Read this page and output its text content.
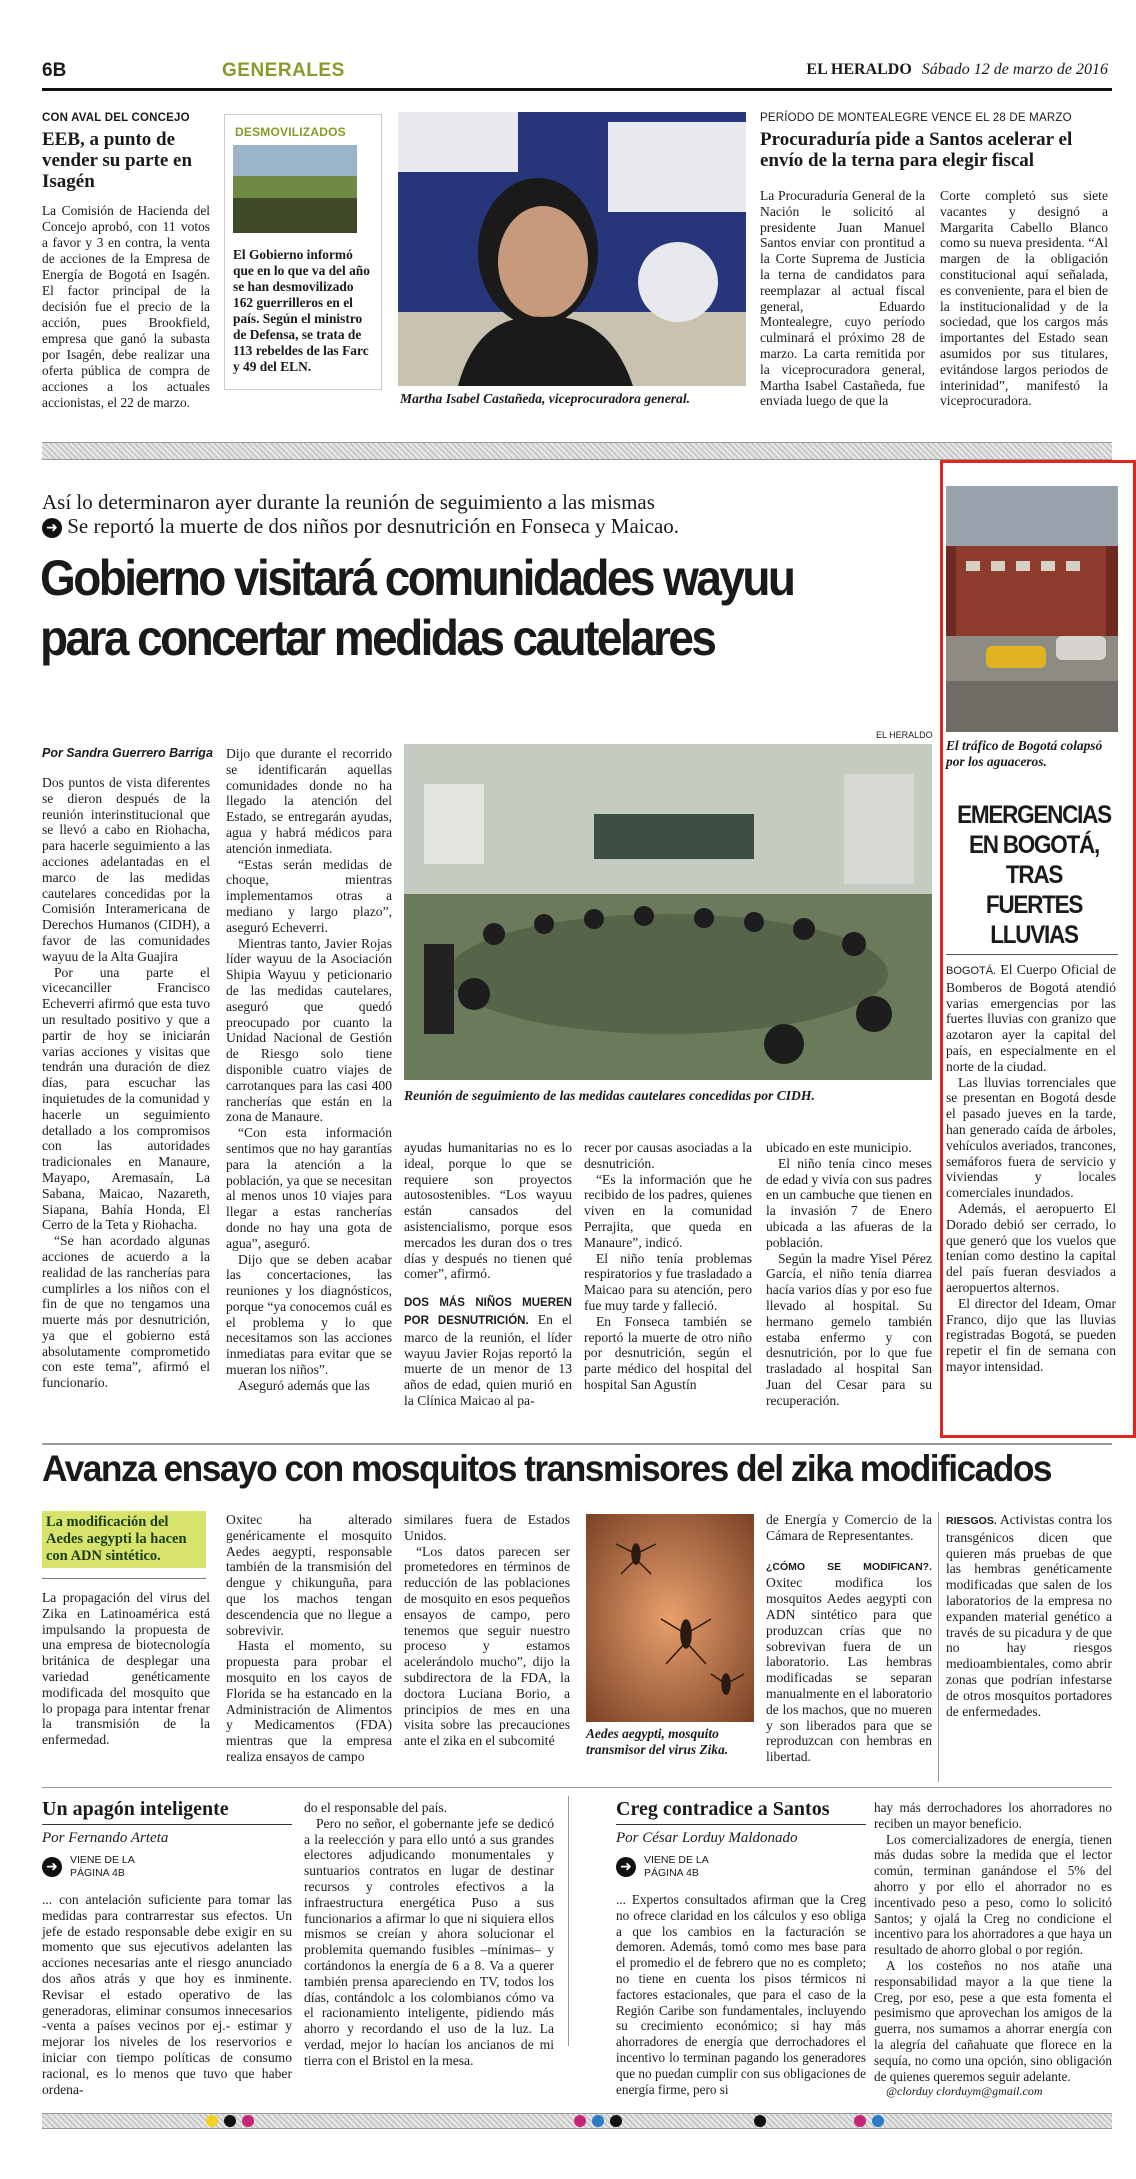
6B	GENERALES	EL HERALDO Sábado 12 de marzo de 2016
CON AVAL DEL CONCEJO
EEB, a punto de vender su parte en Isagén

La Comisión de Hacienda del Concejo aprobó, con 11 votos a favor y 3 en contra, la venta de acciones de la Empresa de Energía de Bogotá en Isagén. El factor principal de la decisión fue el precio de la acción, pues Brookfield, empresa que ganó la subasta por Isagén, debe realizar una oferta pública de compra de acciones a los actuales accionistas, el 22 de marzo.

DESMOVILIZADOS
El Gobierno informó que en lo que va del año se han desmovilizado 162 guerrilleros en el país. Según el ministro de Defensa, se trata de 113 rebeldes de las Farc y 49 del ELN.
Martha Isabel Castañeda, viceprocuradora general.
PERÍODO DE MONTEALEGRE VENCE EL 28 DE MARZO
Procuraduría pide a Santos acelerar el envío de la terna para elegir fiscal

La Procuraduría General de la Nación le solicitó al presidente Juan Manuel Santos enviar con prontitud a la Corte Suprema de Justicia la terna de candidatos para reemplazar al actual fiscal general, Eduardo Montealegre, cuyo período culminará el próximo 28 de marzo. La carta remitida por la viceprocuradora general, Martha Isabel Castañeda, fue enviada luego de que la

Corte completó sus siete vacantes y designó a Margarita Cabello Blanco como su nueva presidenta. “Al margen de la obligación constitucional aquí señalada, es conveniente, para el bien de la institucionalidad y de la sociedad, que los cargos más importantes del Estado sean asumidos por sus titulares, evitándose largos periodos de interinidad”, manifestó la viceprocuradora.

Así lo determinaron ayer durante la reunión de seguimiento a las mismas
➜ Se reportó la muerte de dos niños por desnutrición en Fonseca y Maicao.
Gobierno visitará comunidades wayuu
para concertar medidas cautelares
Por Sandra Guerrero Barriga

Dos puntos de vista diferentes se dieron después de la reunión interinstitucional que se llevó a cabo en Riohacha, para hacerle seguimiento a las acciones adelantadas en el marco de las medidas cautelares concedidas por la Comisión Interamericana de Derechos Humanos (CIDH), a favor de las comunidades wayuu de la Alta Guajira

Por una parte el vicecanciller Francisco Echeverri afirmó que esta tuvo un resultado positivo y que a partir de hoy se iniciarán varias acciones y visitas que tendrán una duración de diez días, para escuchar las inquietudes de la comunidad y hacerle un seguimiento detallado a los compromisos con las autoridades tradicionales en Manaure, Mayapo, Aremasaín, La Sabana, Maicao, Nazareth, Siapana, Bahía Honda, El Cerro de la Teta y Riohacha.

“Se han acordado algunas acciones de acuerdo a la realidad de las rancherías para cumplirles a los niños con el fin de que no tengamos una muerte más por desnutrición, ya que el gobierno está absolutamente comprometido con este tema”, afirmó el funcionario.

Dijo que durante el recorrido se identificarán aquellas comunidades donde no ha llegado la atención del Estado, se entregarán ayudas, agua y habrá médicos para atención inmediata.

“Estas serán medidas de choque, mientras implementamos otras a mediano y largo plazo”, aseguró Echeverri.

Mientras tanto, Javier Rojas líder wayuu de la Asociación Shipia Wayuu y peticionario de las medidas cautelares, aseguró que quedó preocupado por cuanto la Unidad Nacional de Gestión de Riesgo solo tiene disponible cuatro viajes de carrotanques para las casi 400 rancherías que están en la zona de Manaure.

“Con esta información sentimos que no hay garantías para la atención a la población, ya que se necesitan al menos unos 10 viajes para llegar a estas rancherías donde no hay una gota de agua”, aseguró.

Dijo que se deben acabar las concertaciones, las reuniones y los diagnósticos, porque “ya conocemos cuál es el problema y lo que necesitamos son las acciones inmediatas para evitar que se mueran los niños”.

Aseguró además que las

EL HERALDO
Reunión de seguimiento de las medidas cautelares concedidas por CIDH.

ayudas humanitarias no es lo ideal, porque lo que se requiere son proyectos autosostenibles. “Los wayuu están cansados del asistencialismo, porque esos mercados les duran dos o tres días y después no tienen qué comer”, afirmó.

DOS MÁS NIÑOS MUEREN POR DESNUTRICIÓN. En el marco de la reunión, el líder wayuu Javier Rojas reportó la muerte de un menor de 13 años de edad, quien murió en la Clínica Maicao al pa-

recer por causas asociadas a la desnutrición.

“Es la información que he recibido de los padres, quienes viven en la comunidad Perrajita, que queda en Manaure”, indicó.

El niño tenía problemas respiratorios y fue trasladado a Maicao para su atención, pero fue muy tarde y falleció.

En Fonseca también se reportó la muerte de otro niño por desnutrición, según el parte médico del hospital del hospital San Agustín

ubicado en este municipio.

El niño tenía cinco meses de edad y vivía con sus padres en un cambuche que tienen en la invasión 7 de Enero ubicada a las afueras de la población.

Según la madre Yisel Pérez García, el niño tenía diarrea hacía varios días y por eso fue llevado al hospital. Su hermano gemelo también estaba enfermo y con desnutrición, por lo que fue trasladado al hospital San Juan del Cesar para su recuperación.

El tráfico de Bogotá colapsó por los aguaceros.
EMERGENCIAS EN BOGOTÁ, TRAS FUERTES LLUVIAS

BOGOTÁ. El Cuerpo Oficial de Bomberos de Bogotá atendió varias emergencias por las fuertes lluvias con granizo que azotaron ayer la capital del país, en especialmente en el norte de la ciudad.

Las lluvias torrenciales que se presentan en Bogotá desde el pasado jueves en la tarde, han generado caída de árboles, vehículos averiados, trancones, semáforos fuera de servicio y viviendas y locales comerciales inundados.

Además, el aeropuerto El Dorado debió ser cerrado, lo que generó que los vuelos que tenían como destino la capital del país fueran desviados a aeropuertos alternos.

El director del Ideam, Omar Franco, dijo que las lluvias registradas Bogotá, se pueden repetir el fin de semana con mayor intensidad.

Avanza ensayo con mosquitos transmisores del zika modificados
La modificación del Aedes aegypti la hacen con ADN sintético.

La propagación del virus del Zika en Latinoamérica está impulsando la propuesta de una empresa de biotecnología británica de desplegar una variedad genéticamente modificada del mosquito que lo propaga para intentar frenar la transmisión de la enfermedad.

Oxitec ha alterado genéricamente el mosquito Aedes aegypti, responsable también de la transmisión del dengue y chikunguña, para que los machos tengan descendencia que no llegue a sobrevivir.

Hasta el momento, su propuesta para probar el mosquito en los cayos de Florida se ha estancado en la Administración de Alimentos y Medicamentos (FDA) mientras que la empresa realiza ensayos de campo

similares fuera de Estados Unidos.

“Los datos parecen ser prometedores en términos de reducción de las poblaciones de mosquito en esos pequeños ensayos de campo, pero tenemos que seguir nuestro proceso y estamos acelerándolo mucho”, dijo la subdirectora de la FDA, la doctora Luciana Borio, a principios de mes en una visita sobre las precauciones ante el zika en el subcomité	Aedes aegypti, mosquito transmisor del virus Zika.

de Energía y Comercio de la Cámara de Representantes.

¿CÓMO SE MODIFICAN?. Oxitec modifica los mosquitos Aedes aegypti con ADN sintético para que produzcan crías que no sobrevivan fuera de un laboratorio. Las hembras modificadas se separan manualmente en el laboratorio de los machos, que no mueren y son liberados para que se reproduzcan con hembras en libertad.

RIESGOS. Activistas contra los transgénicos dicen que quieren más pruebas de que las hembras genéticamente modificadas que salen de los laboratorios de la empresa no expanden material genético a través de su picadura y de que no hay riesgos medioambientales, como abrir zonas que podrían infestarse de otros mosquitos portadores de enfermedades.

Un apagón inteligente
Por Fernando Arteta
➜	VIENE DE LA PÁGINA 4B

... con antelación suficiente para tomar las medidas para contrarrestar sus efectos. Un jefe de estado responsable debe exigir en su momento que sus ejecutivos adelanten las acciones necesarias ante el riesgo anunciado dos años atrás y que hoy es inminente. Revisar el estado operativo de las generadoras, eliminar consumos innecesarios -venta a países vecinos por ej.- estimar y mejorar los niveles de los reservorios e iniciar con tiempo políticas de consumo racional, es lo menos que tuvo que haber ordena-

do el responsable del país.

Pero no señor, el gobernante jefe se dedicó a la reelección y para ello untó a sus grandes electores adjudicando monumentales y suntuarios contratos en lugar de destinar recursos y controles efectivos a la infraestructura energética Puso a sus funcionarios a afirmar lo que ni siquiera ellos mismos se creían y ahora solucionar el problemita quemando fusibles –mínimas– y cortándonos la energía de 6 a 8. Va a querer también prensa apareciendo en TV, todos los días, contándolc a los colombianos cómo va el racionamiento inteligente, pidiendo más ahorro y recordando el uso de la luz. La verdad, mejor lo hacían los ancianos de mi tierra con el Bristol en la mesa.

Creg contradice a Santos
Por César Lorduy Maldonado
➜	VIENE DE LA PÁGINA 4B

... Expertos consultados afirman que la Creg no ofrece claridad en los cálculos y eso obliga a que los cambios en la facturación se demoren. Además, tomó como mes base para el promedio el de febrero que no es completo; no tiene en cuenta los pisos térmicos ni factores estacionales, que para el caso de la Región Caribe son fundamentales, incluyendo su crecimiento económico; si hay más ahorradores de energía que derrochadores el incentivo lo terminan pagando los generadores que no puedan cumplir con sus obligaciones de energía firme, pero si

hay más derrochadores los ahorradores no reciben un mayor beneficio.

Los comercializadores de energía, tienen más dudas sobre la medida que el lector común, terminan ganándose el 5% del ahorro y por ello el ahorrador no es incentivado peso a peso, como lo solicitó Santos; y ojalá la Creg no condicione el incentivo para los ahorradores a que haya un resultado de ahorro global o por región.

A los costeños no nos atañe una responsabilidad mayor a la que tiene la Creg, por eso, pese a que esta fomenta el pesimismo que aprovechan los amigos de la guerra, nos sumamos a ahorrar energía con la alegría del cañahuate que florece en la sequía, no como una opción, sino obligación de quienes queremos seguir adelante.

@clorduy clorduym@gmail.com
